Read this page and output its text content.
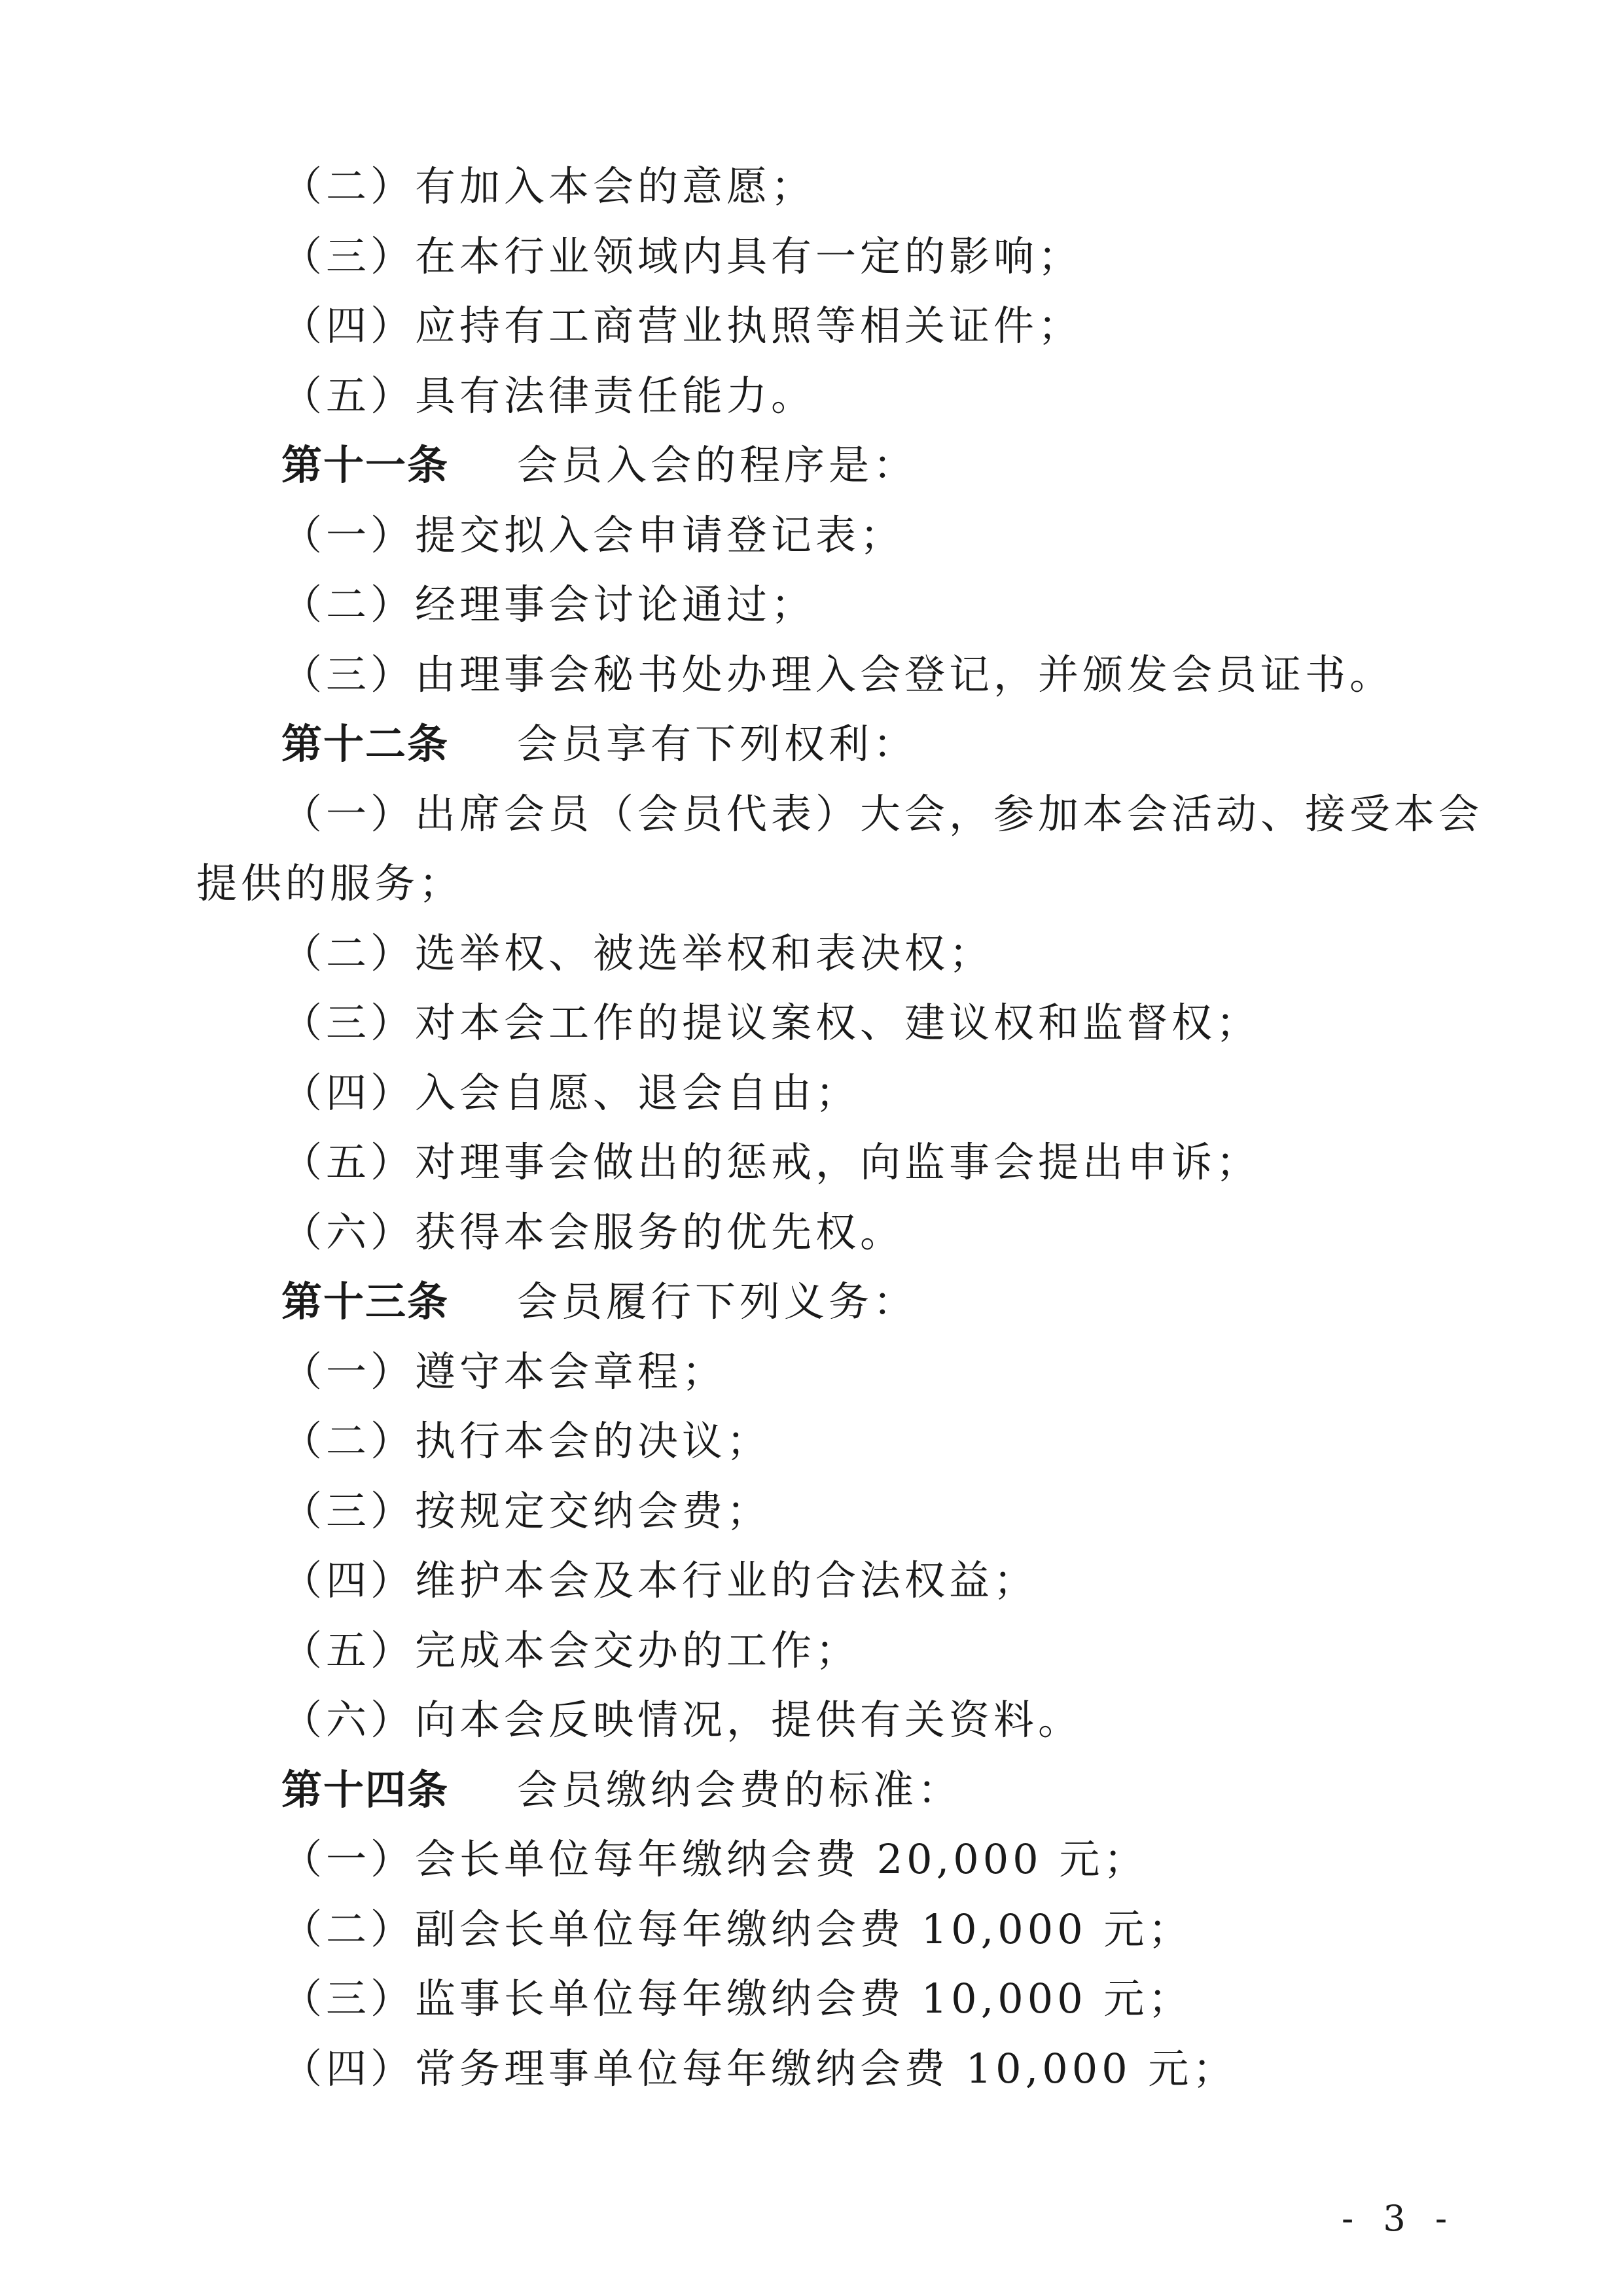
（二）有加入本会的意愿；
（三）在本行业领域内具有一定的影响；
（四）应持有工商营业执照等相关证件；
（五）具有法律责任能力。
第十一条 会员入会的程序是：
（一）提交拟入会申请登记表；
（二）经理事会讨论通过；
（三）由理事会秘书处办理入会登记，并颁发会员证书。
第十二条 会员享有下列权利：
（一）出席会员（会员代表）大会，参加本会活动、接受本会
提供的服务；
（二）选举权、被选举权和表决权；
（三）对本会工作的提议案权、建议权和监督权；
（四）入会自愿、退会自由；
（五）对理事会做出的惩戒，向监事会提出申诉；
（六）获得本会服务的优先权。
第十三条 会员履行下列义务：
（一）遵守本会章程；
（二）执行本会的决议；
（三）按规定交纳会费；
（四）维护本会及本行业的合法权益；
（五）完成本会交办的工作；
（六）向本会反映情况，提供有关资料。
第十四条 会员缴纳会费的标准：
（一）会长单位每年缴纳会费 20,000 元；
（二）副会长单位每年缴纳会费 10,000 元；
（三）监事长单位每年缴纳会费 10,000 元；
（四）常务理事单位每年缴纳会费 10,000 元；
- 3 -
